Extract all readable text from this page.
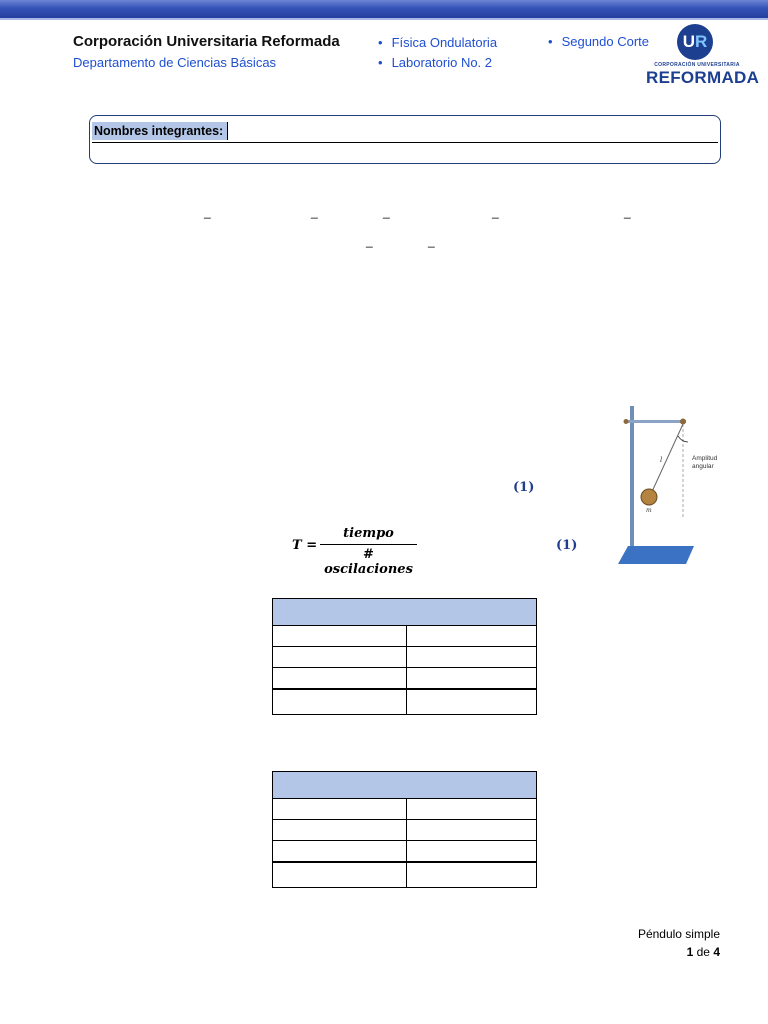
Corporación Universitaria Reformada
Departamento de Ciencias Básicas
• Física Ondulatoria
• Laboratorio No. 2
• Segundo Corte	UR
CORPORACIÓN UNIVERSITARIA
REFORMADA
Nombres integrantes:
_	_	_	_	_
_	_
l
m
Amplitud
angular
(1)
T =
tiempo
# oscilaciones
(1)

Péndulo simple
1 de 4
